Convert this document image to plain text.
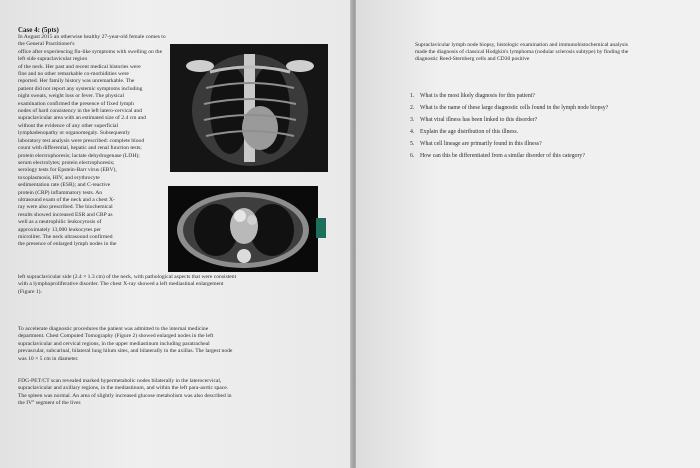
Case 4: (5pts)
In August 2015 an otherwise healthy 27-year-old female comes to the General Practitioner's
office after experiencing flu-like symptoms with swelling on the left side supraclavicular region
of the neck. Her past and recent medical histories were
fine and no other remarkable co-morbidities were
reported. Her family history was unremarkable. The
patient did not report any systemic symptoms including
night sweats, weight loss or fever. The physical
examination confirmed the presence of fixed lymph
nodes of hard consistency in the left latero-cervical and
supraclavicular area with an estimated size of 2.4 cm and
without the evidence of any other superficial
lymphadenopathy or organomegaly. Subsequently
laboratory test analysis were prescribed: complete blood
count with differential, hepatic and renal function tests;
protein electrophoresis; lactate dehydrogenase (LDH);
serum electrolytes; protein electrophoresis;
serology tests for Epstein-Barr virus (EBV),
toxoplasmosis, HIV, and erythrocyte
sedimentation rate (ESR); and C-reactive
protein (CRP) inflammatory tests. An
ultrasound exam of the neck and a chest X-
ray were also prescribed. The biochemical
results showed increased ESR and CRP as
well as a neutrophilic leukocytosis of
approximately 13,000 leukocytes per
microliter. The neck ultrasound confirmed
the presence of enlarged lymph nodes in the
left supraclavicular side (2.4 × 1.3 cm) of the neck, with pathological aspects that were consistent
with a lymphoproliferative disorder. The chest X-ray showed a left mediastinal enlargement
(Figure 1).
To accelerate diagnostic procedures the patient was admitted to the internal medicine
department. Chest Computed Tomography (Figure 2) showed enlarged nodes in the left
supraclavicular and cervical regions, in the upper mediastinum including paratracheal
prevascular, subcarinal, bilateral lung hilum sites, and bilaterally in the axillas. The largest node
was 10 × 5 cm in diameter.
FDG-PET/CT scan revealed marked hypermetabolic nodes bilaterally in the laterocervical,
supraclavicular and axillary regions, in the mediastinum, and within the left para-aortic space.
The spleen was normal. An area of slightly increased glucose metabolism was also described in
the IV° segment of the liver.
Supraclavicular lymph node biopsy, histologic examination and immunohistochemical analysis
made the diagnosis of classical Hodgkin's lymphoma (nodular sclerosis subtype) by finding the
diagnostic Reed-Sternberg cells and CD30 positive
1. What is the most likely diagnosis for this patient?
2. What is the name of these large diagnostic cells found in the lymph node biopsy?
3. What viral illness has been linked to this disorder?
4. Explain the age distribution of this illness.
5. What cell lineage are primarily found in this illness?
6. How can this be differentiated from a similar disorder of this category?
